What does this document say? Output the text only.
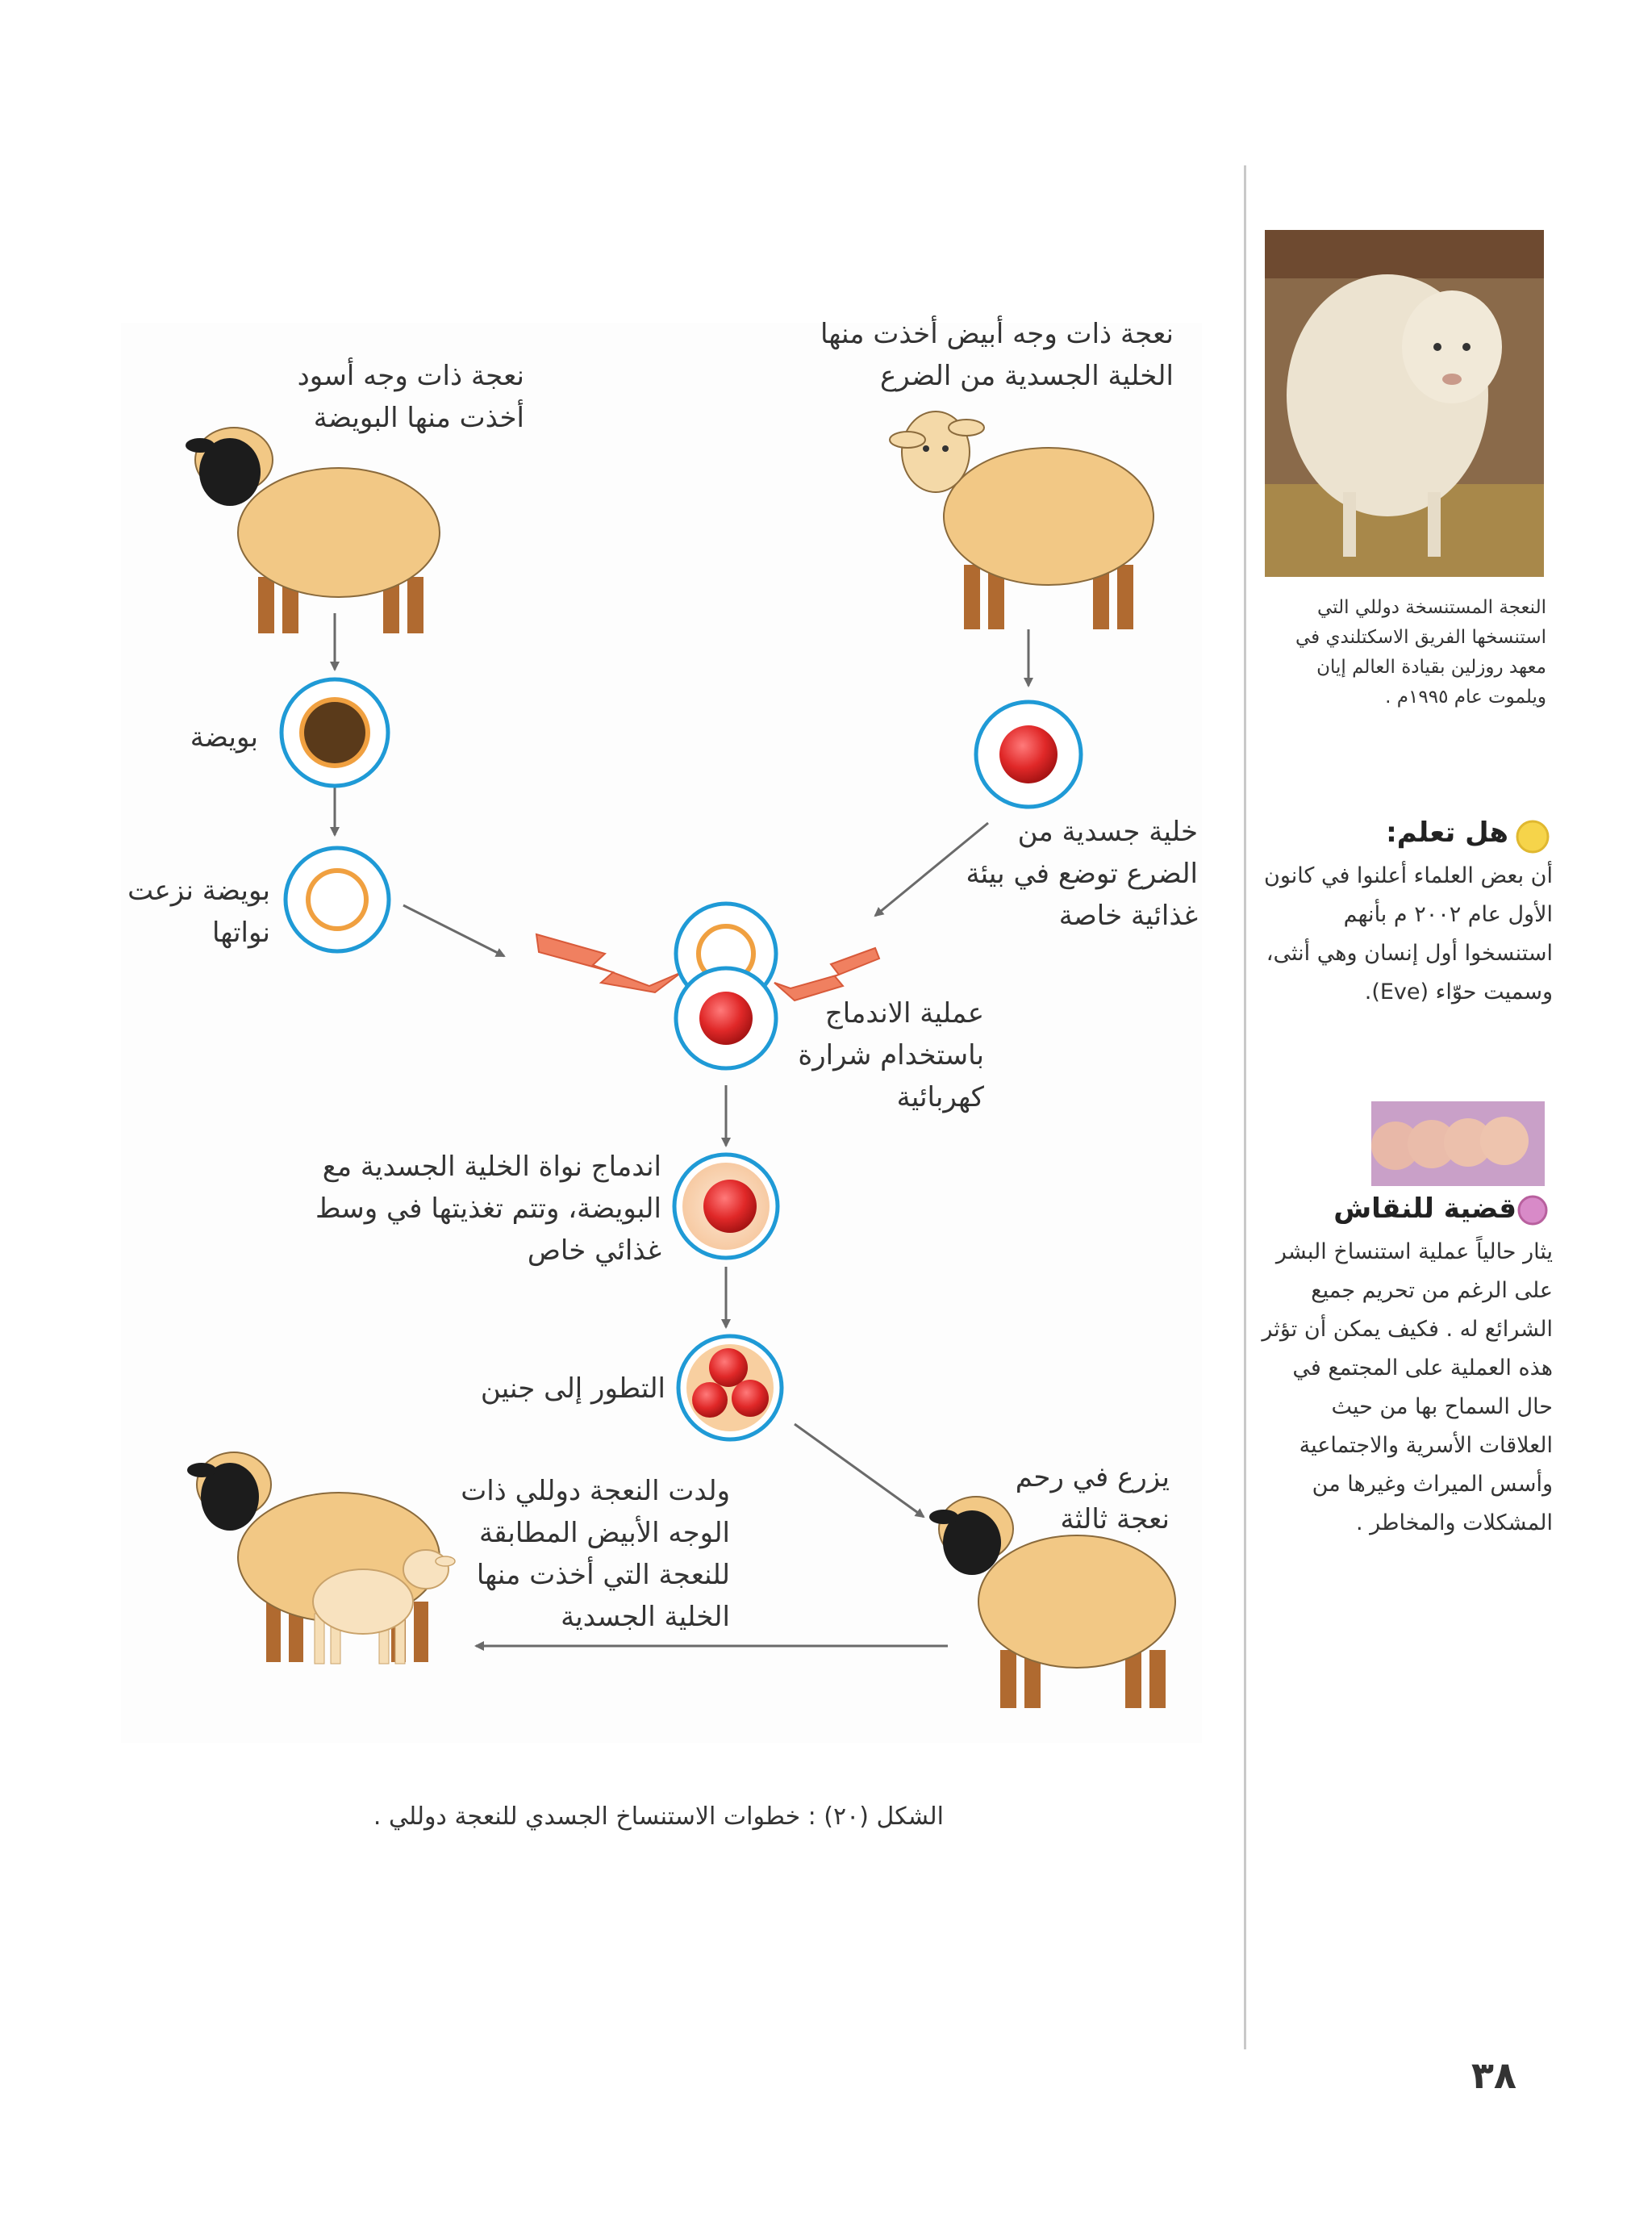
نعجة ذات وجه أبيض أخذت منها الخلية الجسدية من الضرع
نعجة ذات وجه أسود أخذت منها البويضة
بويضة
بويضة نزعت نواتها
خلية جسدية من الضرع توضع في بيئة غذائية خاصة
عملية الاندماج باستخدام شرارة كهربائية
اندماج نواة الخلية الجسدية مع البويضة، وتتم تغذيتها في وسط غذائي خاص
التطور إلى جنين
يزرع في رحم نعجة ثالثة
ولدت النعجة دوللي ذات الوجه الأبيض المطابقة للنعجة التي أخذت منها الخلية الجسدية
الشكل (٢٠) : خطوات الاستنساخ الجسدي للنعجة دوللي .
النعجة المستنسخة دوللي التي استنسخها الفريق الاسكتلندي في معهد روزلين بقيادة العالم إيان ويلموت عام ١٩٩٥م .
هل تعلم:
أن بعض العلماء أعلنوا في كانون الأول عام ٢٠٠٢ م بأنهم استنسخوا أول إنسان وهي أنثى، وسميت حوّاء (Eve).
قضية للنقاش
يثار حالياً عملية استنساخ البشر على الرغم من تحريم جميع الشرائع له . فكيف يمكن أن تؤثر هذه العملية على المجتمع في حال السماح بها من حيث العلاقات الأسرية والاجتماعية وأسس الميراث وغيرها من المشكلات والمخاطر .
٣٨
